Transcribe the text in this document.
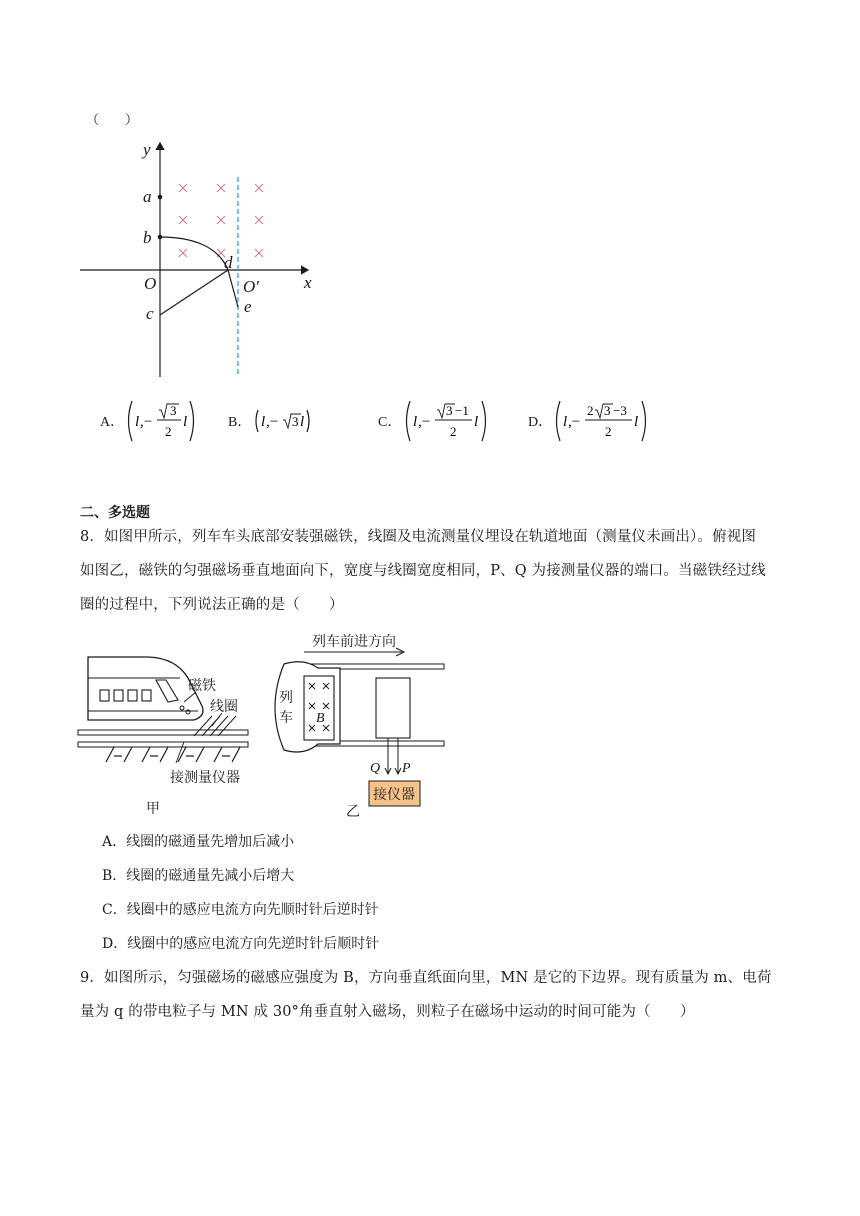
（　　）
y
x
a
b
O
c
d
O′
e
A． l ,−
3
2
l	B． l ,− 3 l	C． l ,−
3 −1
2
l	D． l ,−
2 3 −3
2
l
二、多选题
8．如图甲所示，列车车头底部安装强磁铁，线圈及电流测量仪埋设在轨道地面（测量仪未画出）。俯视图
如图乙，磁铁的匀强磁场垂直地面向下，宽度与线圈宽度相同，P、Q 为接测量仪器的端口。当磁铁经过线
圈的过程中，下列说法正确的是（　　）
磁铁
线圈
接测量仪器
甲
列车前进方向
列
车 B
Q P
接仪器
乙
A．线圈的磁通量先增加后减小
B．线圈的磁通量先减小后增大
C．线圈中的感应电流方向先顺时针后逆时针
D．线圈中的感应电流方向先逆时针后顺时针
9．如图所示，匀强磁场的磁感应强度为 B，方向垂直纸面向里，MN 是它的下边界。现有质量为 m、电荷
量为 q 的带电粒子与 MN 成 30°角垂直射入磁场，则粒子在磁场中运动的时间可能为（　　）
